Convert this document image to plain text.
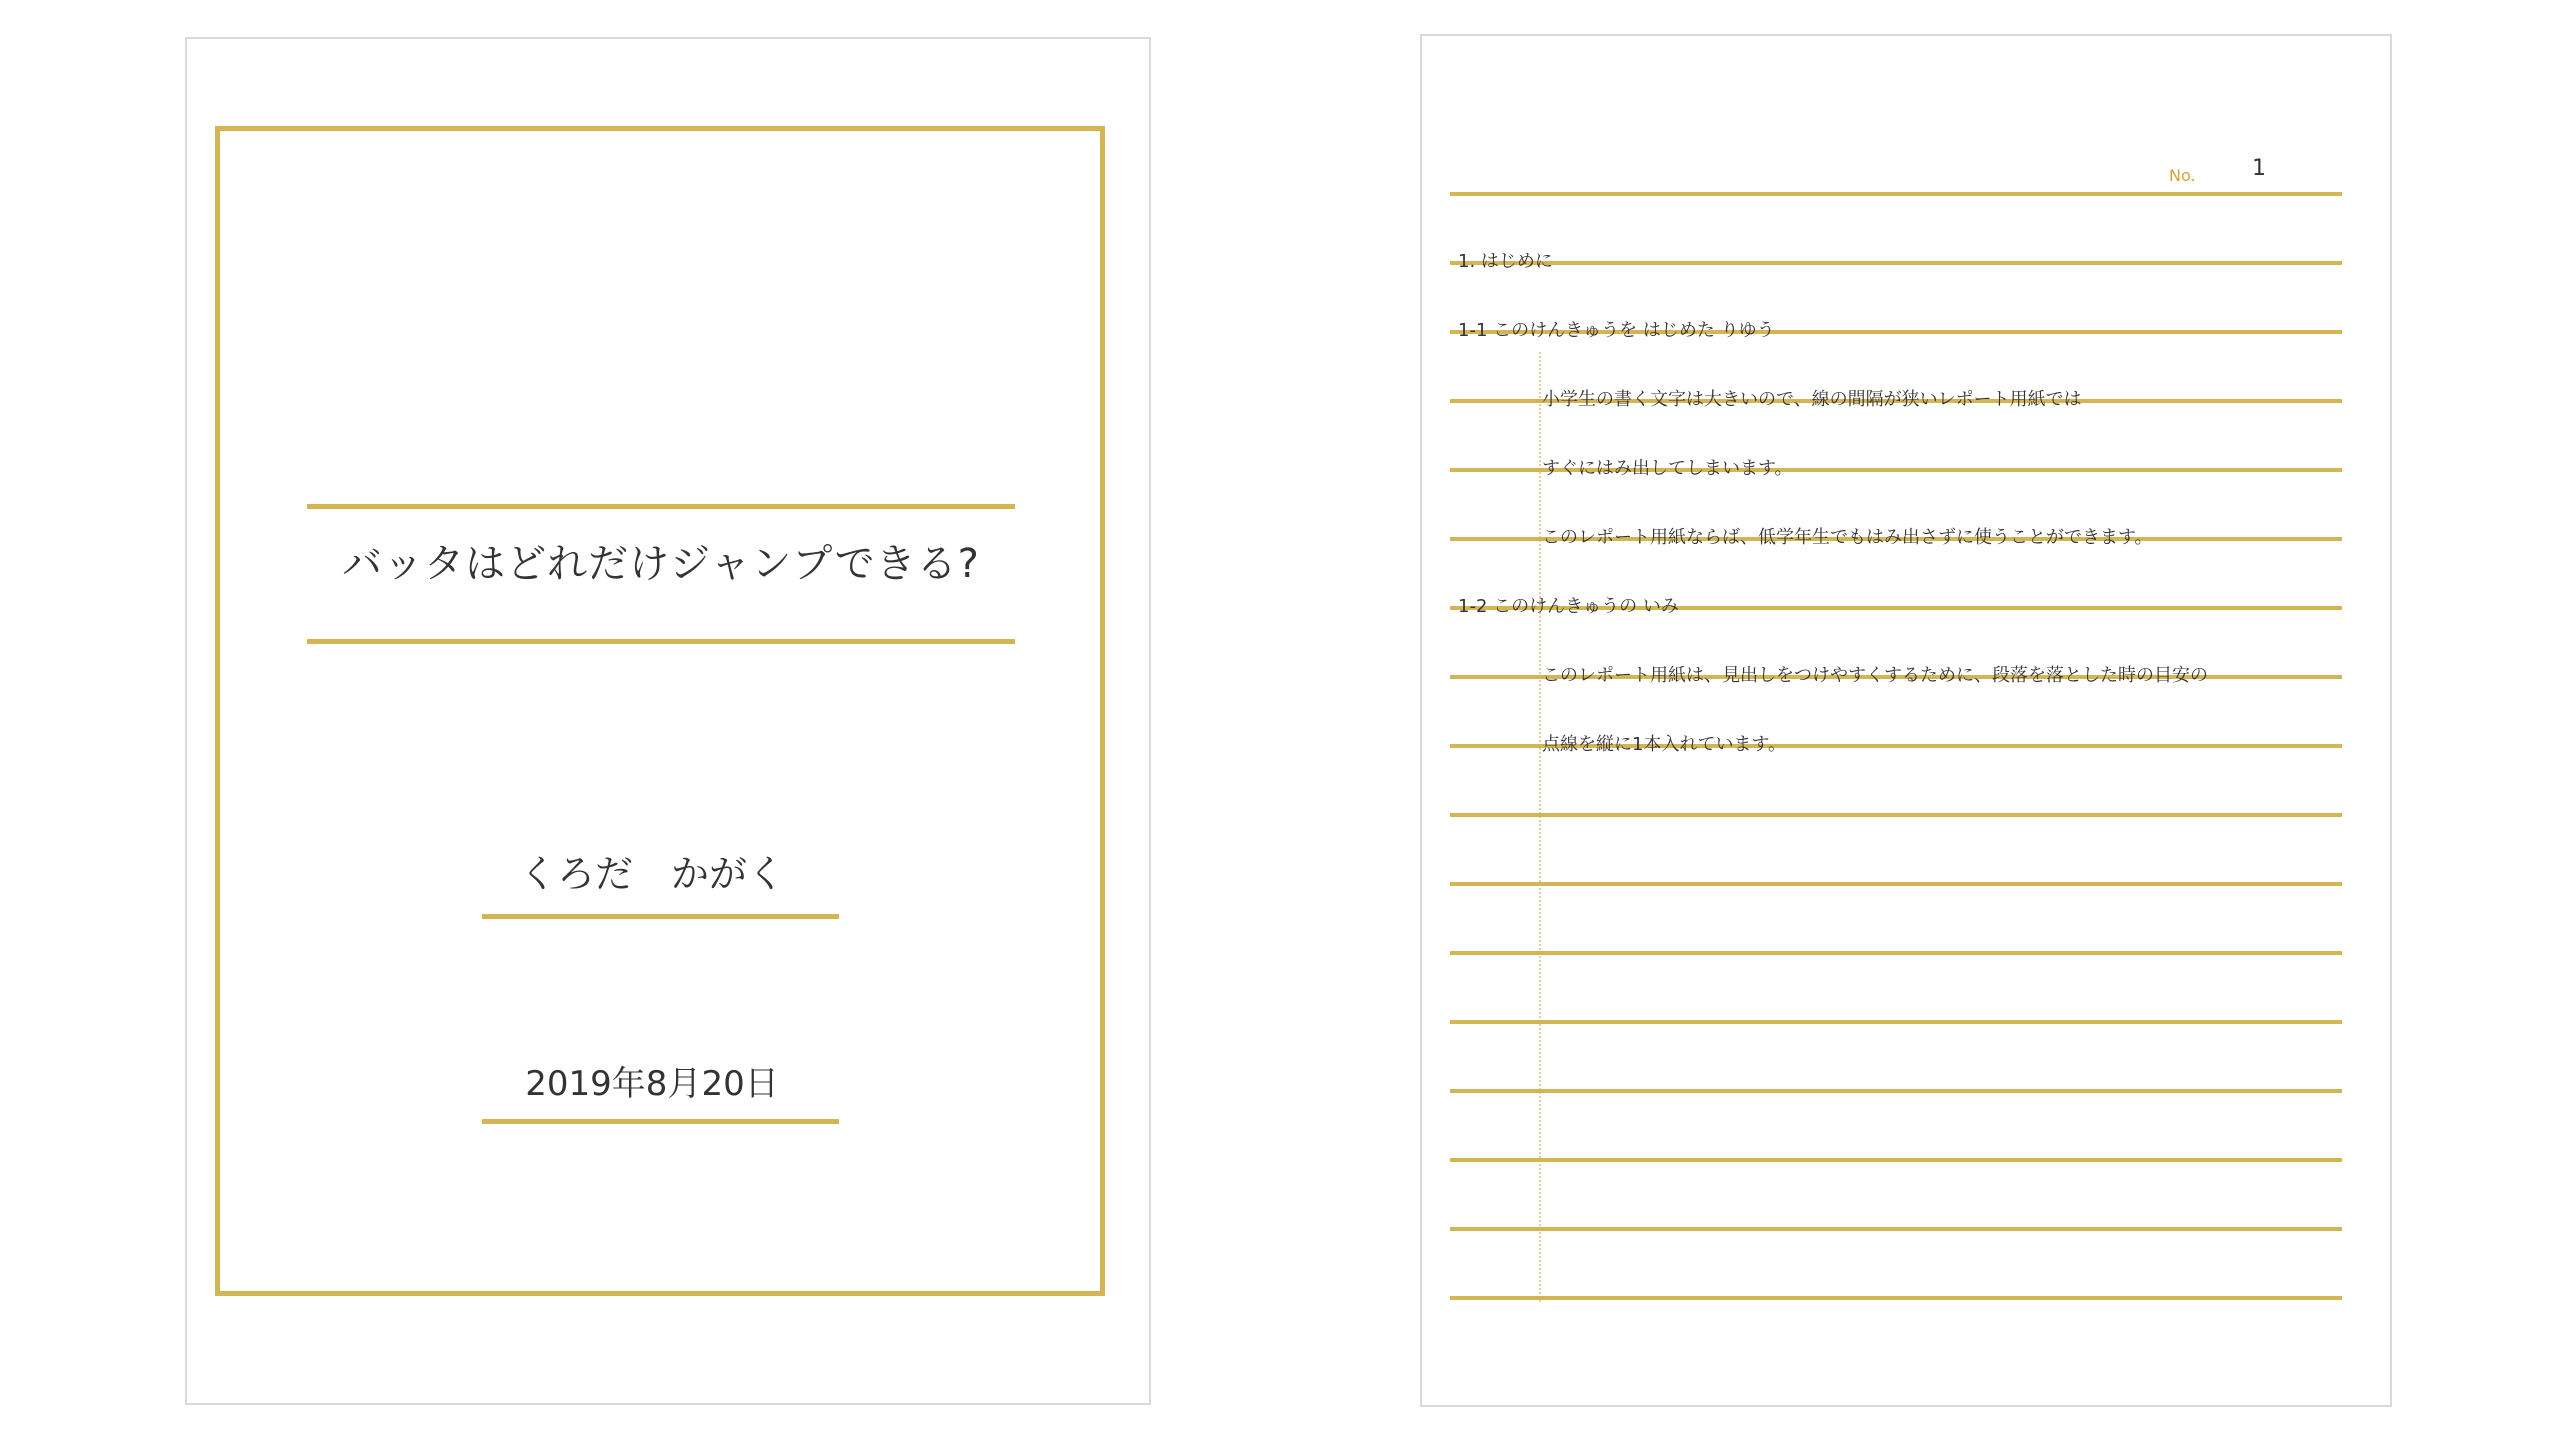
バッタはどれだけジャンプできる?
くろだ　かがく
2019年8月20日
No.	1
1. はじめに
1-1 このけんきゅうを はじめた りゆう
小学生の書く文字は大きいので、線の間隔が狭いレポート用紙では
すぐにはみ出してしまいます。
このレポート用紙ならば、低学年生でもはみ出さずに使うことができます。
1-2 このけんきゅうの いみ
このレポート用紙は、見出しをつけやすくするために、段落を落とした時の目安の
点線を縦に1本入れています。
